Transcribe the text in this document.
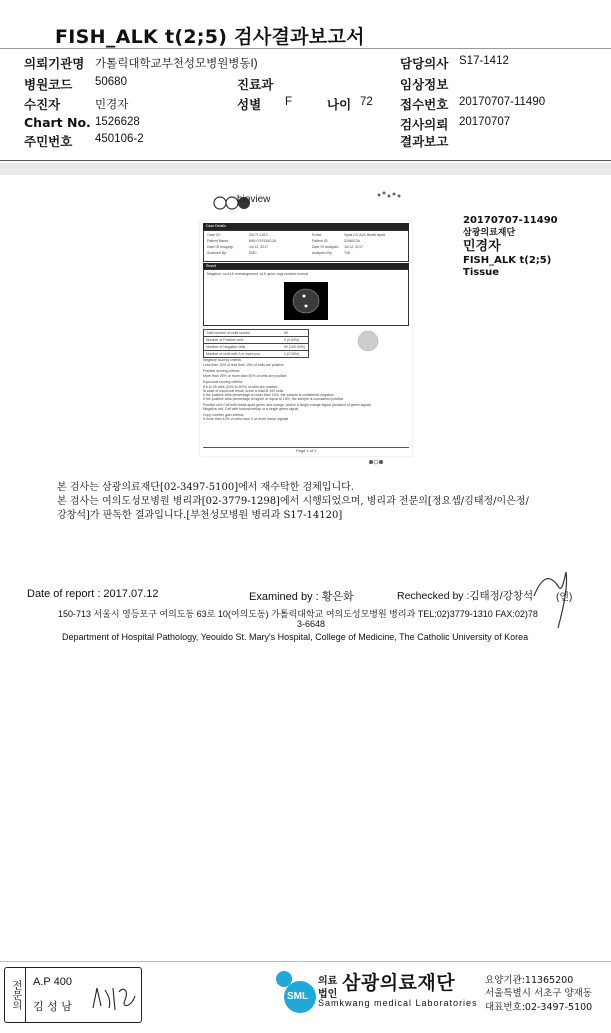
FISH_ALK t(2;5) 검사결과보고서
의뢰기관명 가톨릭대학교부천성모병원병동I)	담당의사 S17-1412
병원코드 50680	진료과	임상정보
수진자	민경자	성별 F	나이 72 접수번호 20170707-11490
Chart No. 1526628	검사의뢰 20170707
주민번호 450106-2	결과보고
bioview
Case Details
Case ID:	20171-1612
Patient Name:	MIN GYEONGJA
Date Of Imaging:	Jul 12, 2017
Scanned By:	EMC
Probe:	Vysis LSI ALK Break apart
Patient ID:	2156070A
Date Of Analysis: Jul 12, 2017
Analyzed By:	TJK
Result
Negative: no ALK rearrangement. ALK gene copy number normal
Total number of cells scored	50
Number of Positive cells	0 (0.00%)
Number of Negative cells	50 (100.00%)
Number of cells with 3 or more pos	1 (2.00%)
Negative scoring criteria:
Less than 10% of less than 15% of cells are positive.
Positive scoring criteria:
More than 25% or more than 50% of cells are positive.
Equivocal scoring criteria:
If 6 to 25 cells (10% to 50%) of cells are positive,
In case of equivocal result, score a total of 100 cells.
If the positive cells percentage is lower than 15%, the sample is considered negative.
If the positive cells percentage is higher or equal to 15%, the sample is considered positive.
Positive cell: Cell with break apart green and orange, and/or a single orange signal (isolation of green signal)
Negative cell: Cell with fusion/overlap or a single green signal
Copy number gain criteria:
If more than 10% of cells have 3 or more fusion signals
Page 1 of 1
20170707-11490
삼광의료재단
민경자
FISH_ALK t(2;5)
Tissue
본 검사는 삼광의료재단[02-3497-5100]에서 재수탁한 검체입니다.
본 검사는 여의도성모병원 병리과[02-3779-1298]에서 시행되었으며, 병리과 전문의[정요셉/김태정/이은정/
강창석]가 판독한 결과입니다.[부천성모병원 병리과 S17-14120]
Date of report : 2017.07.12	Examined by : 황은화	Rechecked by :김태정/강창석 (인)
150-713 서울시 영등포구 여의도동 63로 10(여의도동) 가톨릭대학교 여의도성모병원 병리과 TEL:02)3779-1310 FAX:02)78
3-6648
Department of Hospital Pathology, Yeouido St. Mary's Hospital, College of Medicine, The Catholic University of Korea
전문의	A.P 400
김 성 남
SML
의료
법인
삼광의료재단
Samkwang medical Laboratories
요양기관:11365200
서울특별시 서초구 양재동
대표번호:02-3497-5100
